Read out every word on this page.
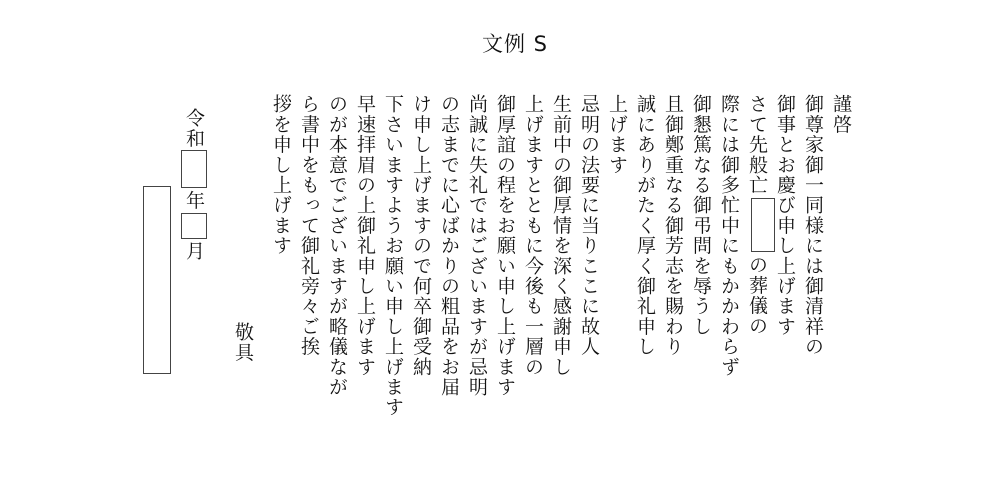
文例 S
謹啓
御尊家御一同様には御清祥の
御事とお慶び申し上げます
さて先般亡の葬儀の
際には御多忙中にもかかわらず
御懇篤なる御弔問を辱うし
且御鄭重なる御芳志を賜わり
誠にありがたく厚く御礼申し
上げます
忌明の法要に当りここに故人
生前中の御厚情を深く感謝申し
上げますとともに今後も一層の
御厚誼の程をお願い申し上げます
尚誠に失礼ではございますが忌明
の志までに心ばかりの粗品をお届
け申し上げますので何卒御受納
下さいますようお願い申し上げます
早速拝眉の上御礼申し上げます
のが本意でございますが略儀なが
ら書中をもって御礼旁々ご挨
拶を申し上げます
敬具
令和年月
